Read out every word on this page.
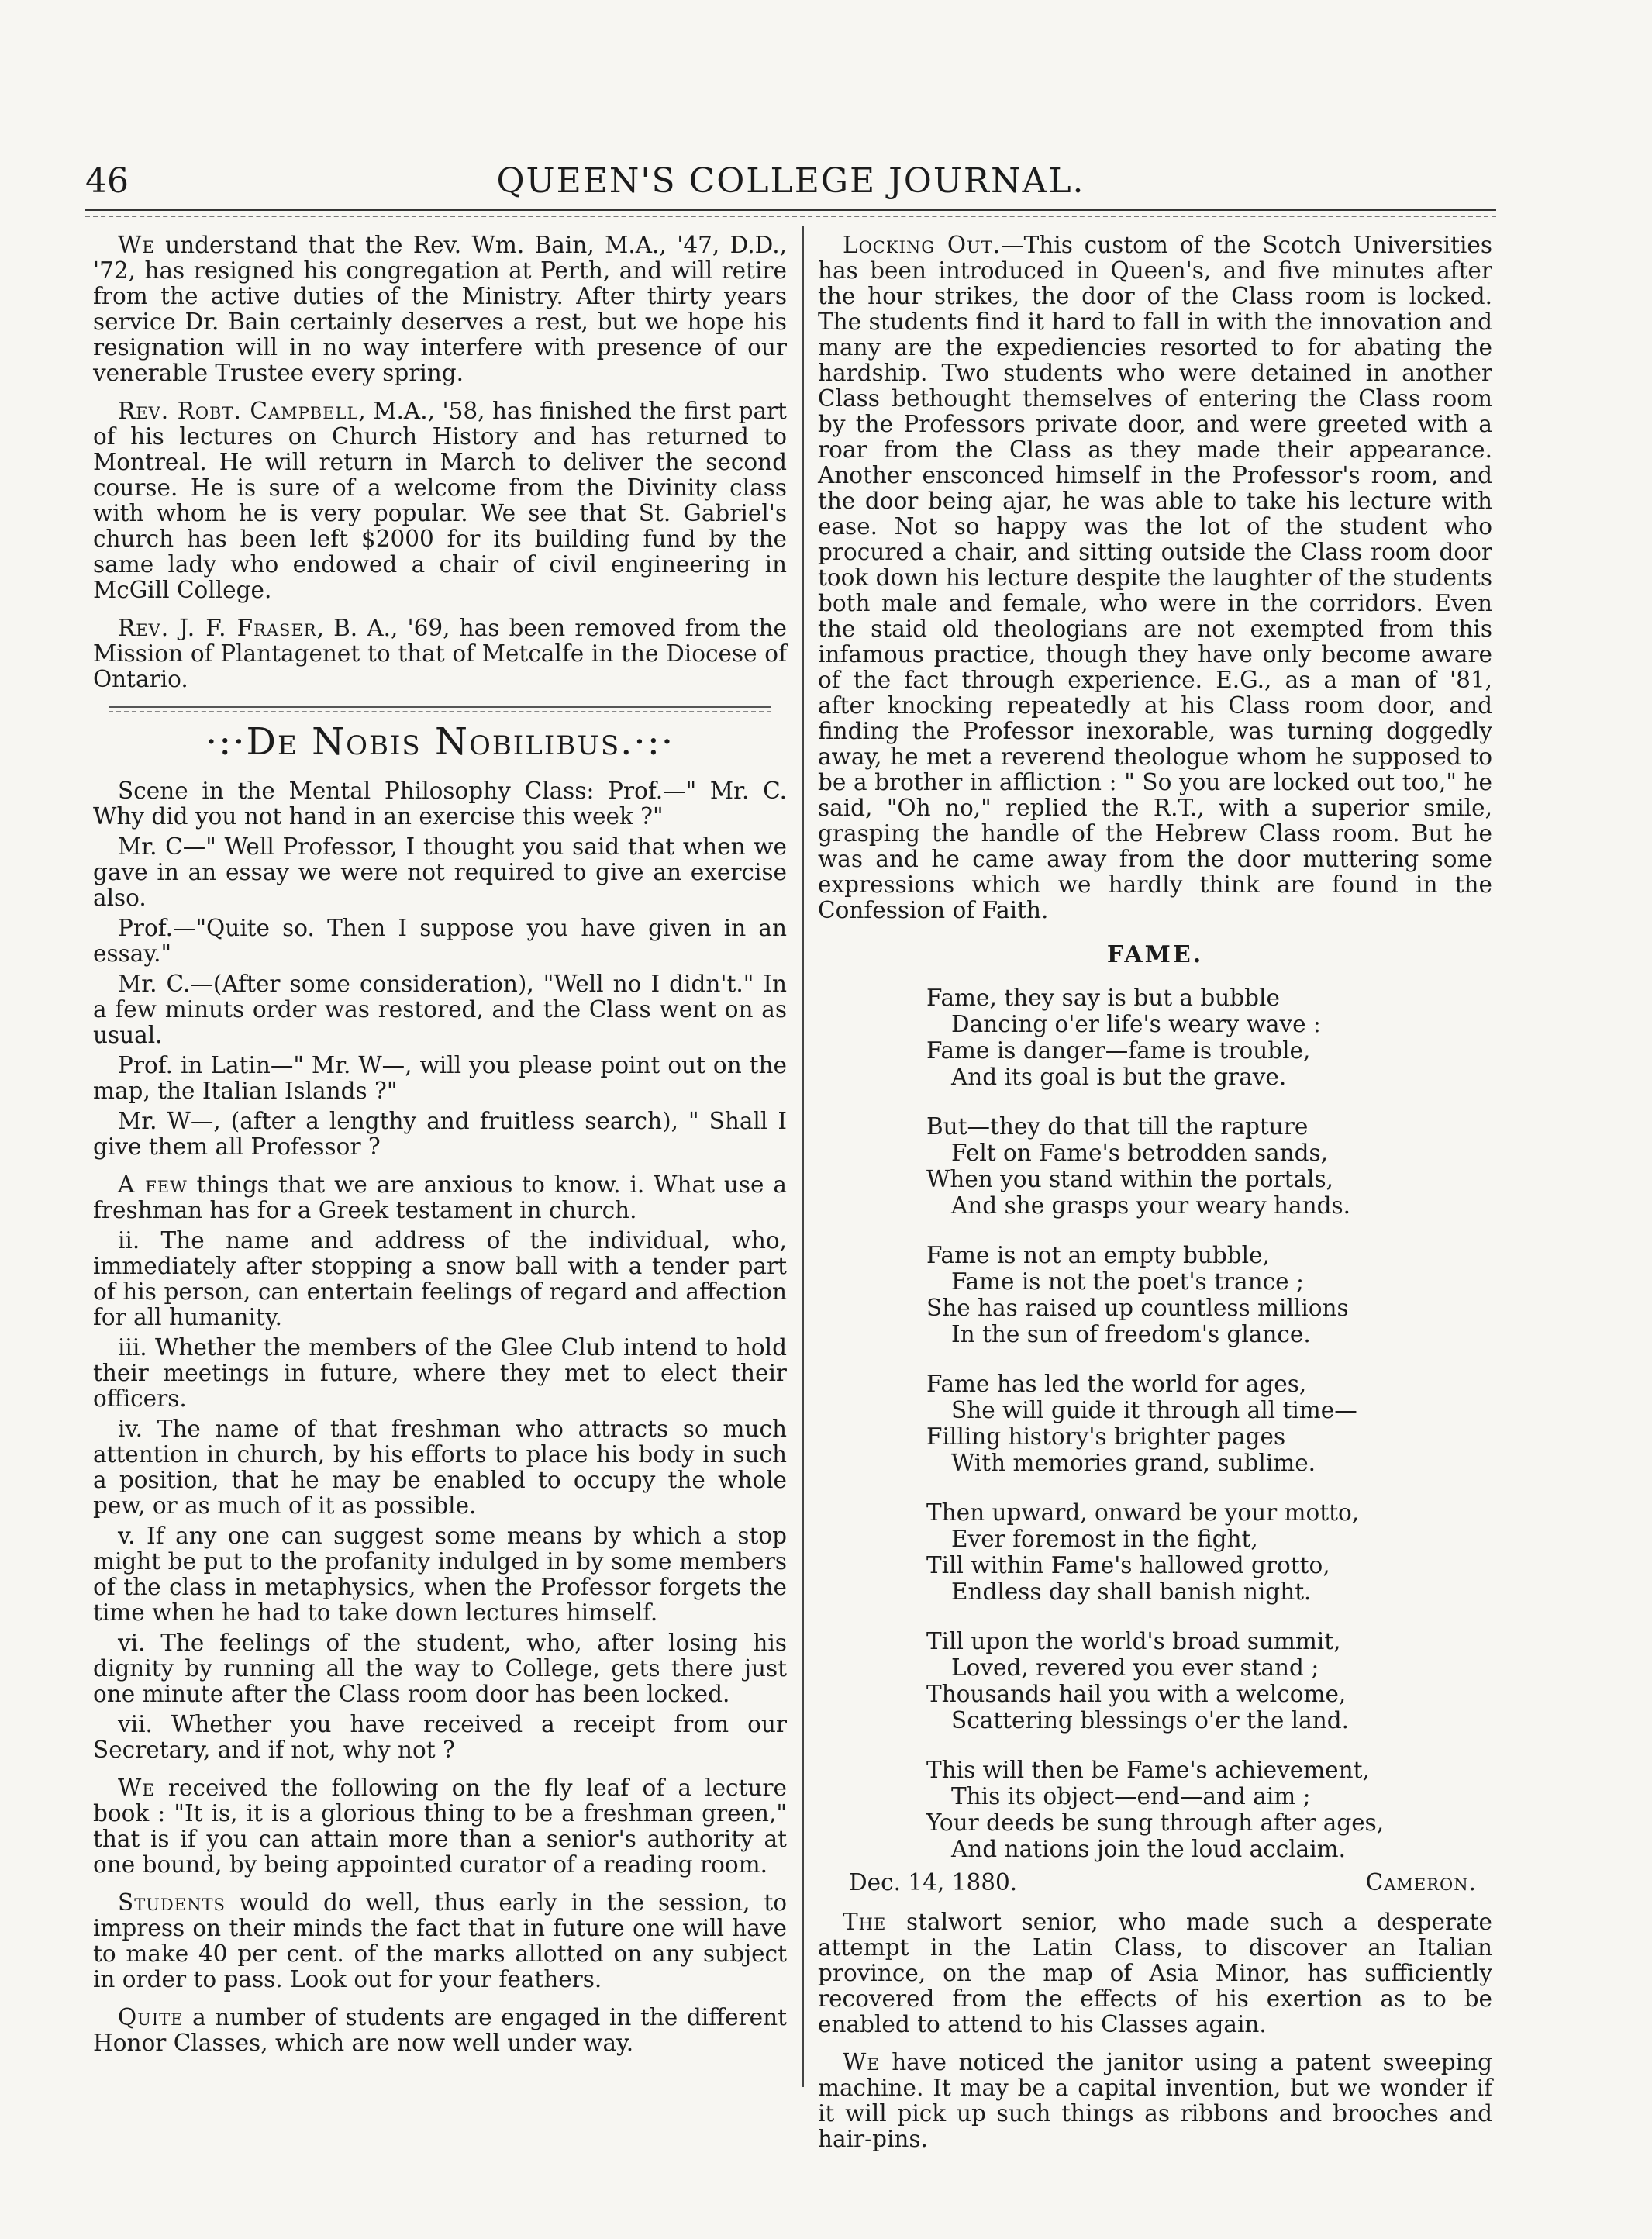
46	QUEEN'S COLLEGE JOURNAL.

We understand that the Rev. Wm. Bain, M.A., '47, D.D., '72, has resigned his congregation at Perth, and will retire from the active duties of the Ministry. After thirty years service Dr. Bain certainly deserves a rest, but we hope his resignation will in no way interfere with presence of our venerable Trustee every spring.

Rev. Robt. Campbell, M.A., '58, has finished the first part of his lectures on Church History and has returned to Montreal. He will return in March to deliver the second course. He is sure of a welcome from the Divinity class with whom he is very popular. We see that St. Gabriel's church has been left $2000 for its building fund by the same lady who endowed a chair of civil engineering in McGill College.

Rev. J. F. Fraser, B. A., '69, has been removed from the Mission of Plantagenet to that of Metcalfe in the Diocese of Ontario.

·:·De Nobis Nobilibus.·:·

Scene in the Mental Philosophy Class: Prof.—" Mr. C. Why did you not hand in an exercise this week ?"

Mr. C—" Well Professor, I thought you said that when we gave in an essay we were not required to give an exercise also.

Prof.—"Quite so. Then I suppose you have given in an essay."

Mr. C.—(After some consideration), "Well no I didn't." In a few minuts order was restored, and the Class went on as usual.

Prof. in Latin—" Mr. W—, will you please point out on the map, the Italian Islands ?"

Mr. W—, (after a lengthy and fruitless search), " Shall I give them all Professor ?

A few things that we are anxious to know. i. What use a freshman has for a Greek testament in church.

ii. The name and address of the individual, who, immediately after stopping a snow ball with a tender part of his person, can entertain feelings of regard and affection for all humanity.

iii. Whether the members of the Glee Club intend to hold their meetings in future, where they met to elect their officers.

iv. The name of that freshman who attracts so much attention in church, by his efforts to place his body in such a position, that he may be enabled to occupy the whole pew, or as much of it as possible.

v. If any one can suggest some means by which a stop might be put to the profanity indulged in by some members of the class in metaphysics, when the Professor forgets the time when he had to take down lectures himself.

vi. The feelings of the student, who, after losing his dignity by running all the way to College, gets there just one minute after the Class room door has been locked.

vii. Whether you have received a receipt from our Secretary, and if not, why not ?

We received the following on the fly leaf of a lecture book : "It is, it is a glorious thing to be a freshman green," that is if you can attain more than a senior's authority at one bound, by being appointed curator of a reading room.

Students would do well, thus early in the session, to impress on their minds the fact that in future one will have to make 40 per cent. of the marks allotted on any subject in order to pass. Look out for your feathers.

Quite a number of students are engaged in the different Honor Classes, which are now well under way.

Locking Out.—This custom of the Scotch Universities has been introduced in Queen's, and five minutes after the hour strikes, the door of the Class room is locked. The students find it hard to fall in with the innovation and many are the expediencies resorted to for abating the hardship. Two students who were detained in another Class bethought themselves of entering the Class room by the Professors private door, and were greeted with a roar from the Class as they made their appearance. Another ensconced himself in the Professor's room, and the door being ajar, he was able to take his lecture with ease. Not so happy was the lot of the student who procured a chair, and sitting outside the Class room door took down his lecture despite the laughter of the students both male and female, who were in the corridors. Even the staid old theologians are not exempted from this infamous practice, though they have only become aware of the fact through experience. E.G., as a man of '81, after knocking repeatedly at his Class room door, and finding the Professor inexorable, was turning doggedly away, he met a reverend theologue whom he supposed to be a brother in affliction : " So you are locked out too," he said, "Oh no," replied the R.T., with a superior smile, grasping the handle of the Hebrew Class room. But he was and he came away from the door muttering some expressions which we hardly think are found in the Confession of Faith.

FAME.
Fame, they say is but a bubble
Dancing o'er life's weary wave :
Fame is danger—fame is trouble,
And its goal is but the grave.
But—they do that till the rapture
Felt on Fame's betrodden sands,
When you stand within the portals,
And she grasps your weary hands.
Fame is not an empty bubble,
Fame is not the poet's trance ;
She has raised up countless millions
In the sun of freedom's glance.
Fame has led the world for ages,
She will guide it through all time—
Filling history's brighter pages
With memories grand, sublime.
Then upward, onward be your motto,
Ever foremost in the fight,
Till within Fame's hallowed grotto,
Endless day shall banish night.
Till upon the world's broad summit,
Loved, revered you ever stand ;
Thousands hail you with a welcome,
Scattering blessings o'er the land.
This will then be Fame's achievement,
This its object—end—and aim ;
Your deeds be sung through after ages,
And nations join the loud acclaim.
Dec. 14, 1880.	Cameron.

The stalwort senior, who made such a desperate attempt in the Latin Class, to discover an Italian province, on the map of Asia Minor, has sufficiently recovered from the effects of his exertion as to be enabled to attend to his Classes again.

We have noticed the janitor using a patent sweeping machine. It may be a capital invention, but we wonder if it will pick up such things as ribbons and brooches and hair-pins.
